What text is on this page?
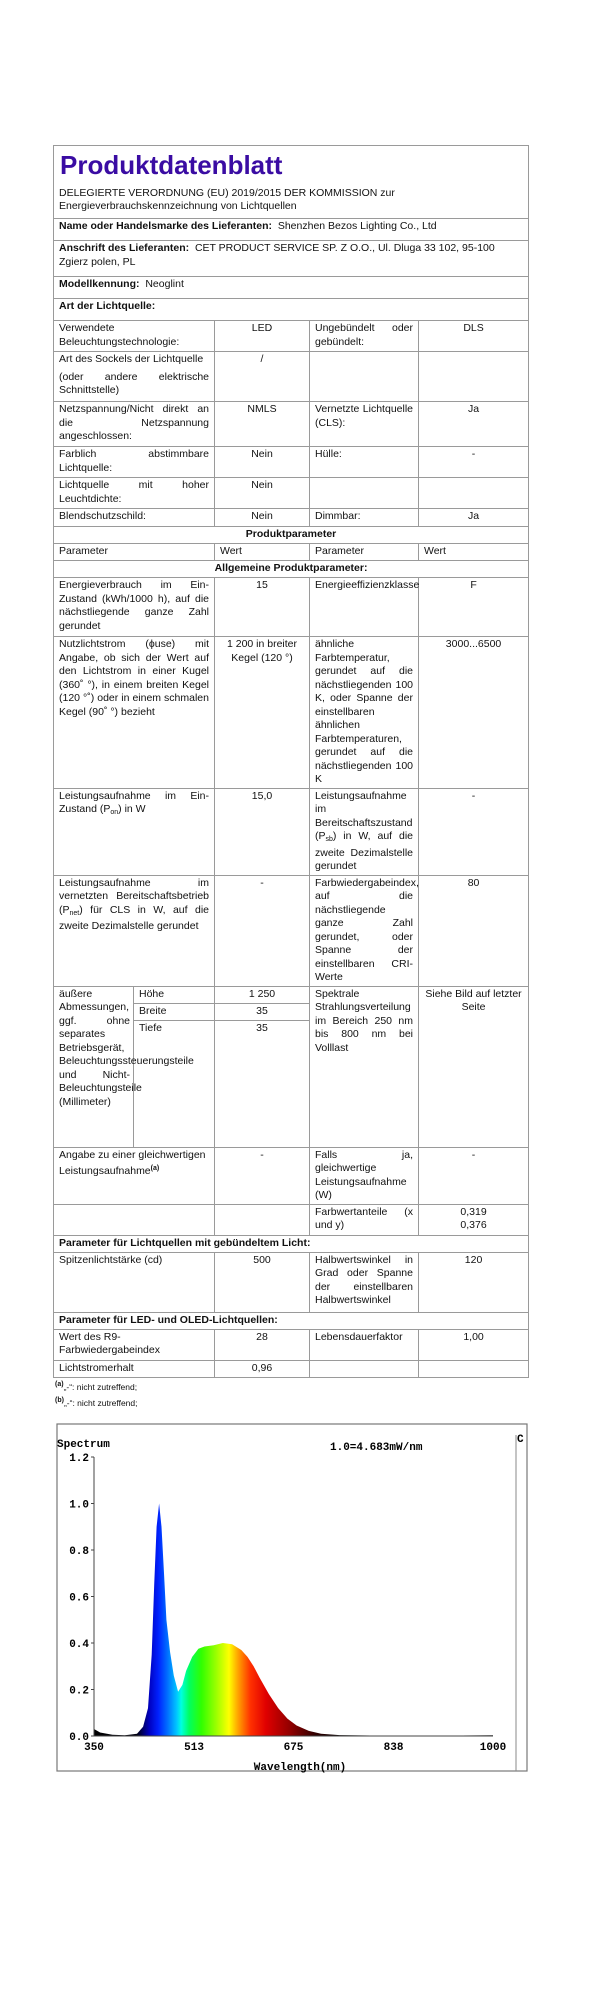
Produktdatenblatt				
DELEGIERTE VERORDNUNG (EU) 2019/2015 DER KOMMISSION zur Energieverbrauchskennzeichnung von Lichtquellen				
Name oder Handelsmarke des Lieferanten: Shenzhen Bezos Lighting Co., Ltd				
Anschrift des Lieferanten: CET PRODUCT SERVICE SP. Z O.O., Ul. Dluga 33 102, 95-100 Zgierz polen, PL				
Modellkennung: Neoglint				
Art der Lichtquelle:				
Verwendete Beleuchtungstechnologie:		LED	Ungebündelt oder gebündelt:	DLS

Art des Sockels der Lichtquelle
(oder andere elektrische Schnittstelle)		/		
Netzspannung/Nicht direkt an die Netzspannung angeschlossen:		NMLS	Vernetzte Lichtquelle (CLS):	Ja
Farblich abstimmbare Lichtquelle:		Nein	Hülle:	-
Lichtquelle mit hoher Leuchtdichte:		Nein		
Blendschutzschild:		Nein	Dimmbar:	Ja
Produktparameter				
Parameter		Wert	Parameter	Wert
Allgemeine Produktparameter:				
Energieverbrauch im Ein-Zustand (kWh/1000 h), auf die nächstliegende ganze Zahl gerundet		15	Energieeffizienzklasse	F
Nutzlichtstrom (ϕuse) mit Angabe, ob sich der Wert auf den Lichtstrom in einer Kugel (360˚ °), in einem breiten Kegel (120 °˚) oder in einem schmalen Kegel (90˚ °) bezieht		1 200 in breiter Kegel (120 °)	ähnliche Farbtemperatur, gerundet auf die nächstliegenden 100 K, oder Spanne der einstellbaren ähnlichen Farbtemperaturen, gerundet auf die nächstliegenden 100 K	3000...6500
Leistungsaufnahme im Ein-Zustand $(P_{on})$ in W		15,0	Leistungsaufnahme im Bereitschaftszustand $(P_{sb})$ in W, auf die zweite Dezimalstelle gerundet	-
Leistungsaufnahme im vernetzten Bereitschaftsbetrieb $(P_{net})$ für CLS in W, auf die zweite Dezimalstelle gerundet		-	Farbwiedergabeindex, auf die nächstliegende ganze Zahl gerundet, oder Spanne der einstellbaren CRI-Werte	80
äußere Abmessungen, ggf. ohne separates Betriebsgerät, Beleuchtungssteuerungsteile und Nicht-Beleuchtungsteile (Millimeter)	Höhe	1 250	Spektrale Strahlungsverteilung im Bereich 250 nm bis 800 nm bei Volllast	Siehe Bild auf letzter Seite
	Breite	35		
	Tiefe	35		
Angabe zu einer gleichwertigen Leistungsaufnahme$^{(a)}$		-	Falls ja, gleichwertige Leistungsaufnahme (W)	-
			Farbwertanteile (x und y)	0,319
0,376

Parameter für Lichtquellen mit gebündeltem Licht:				
Spitzenlichtstärke (cd)		500	Halbwertswinkel in Grad oder Spanne der einstellbaren Halbwertswinkel	120
Parameter für LED- und OLED-Lichtquellen:				
Wert des R9-Farbwiedergabeindex		28	Lebensdauerfaktor	1,00
Lichtstromerhalt		0,96		
$^{(a)}$„-“: nicht zutreffend;
$^{(b)}$„-“: nicht zutreffend;
C
Spectrum	1.0=4.683mW/nm
0.0
0.2
0.4
0.6
0.8
1.0
1.2
350	513	675	838	1000
Wavelength(nm)
